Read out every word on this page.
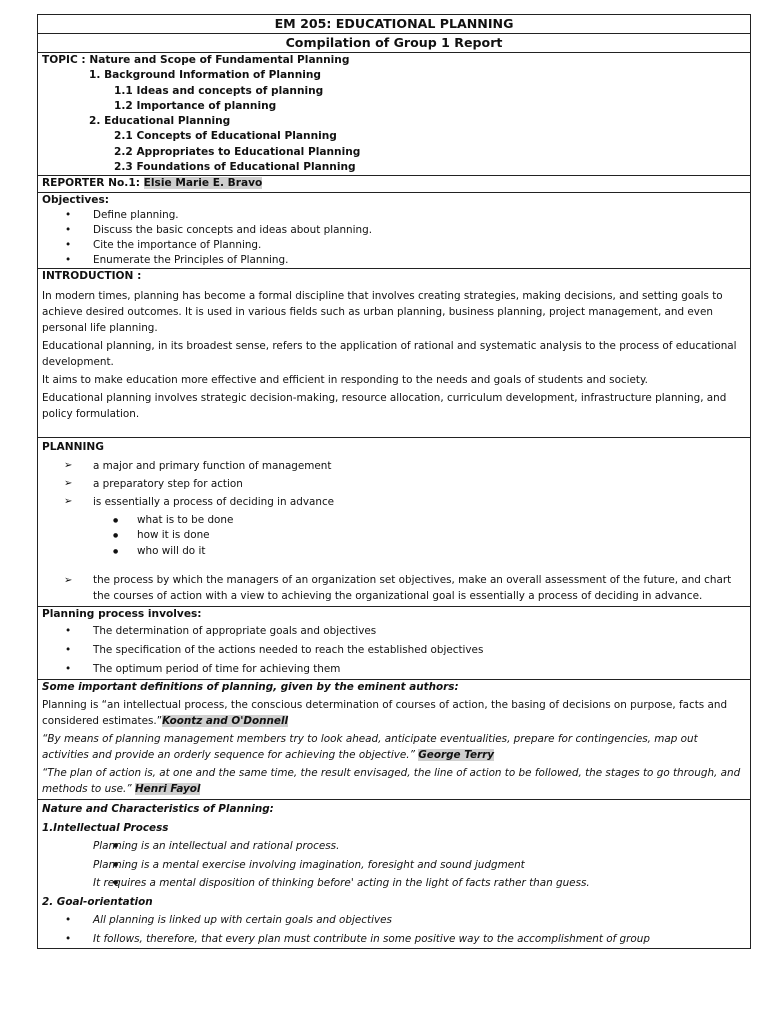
EM 205: EDUCATIONAL PLANNING
Compilation of Group 1 Report

TOPIC : Nature and Scope of Fundamental Planning
1. Background Information of Planning
1.1 Ideas and concepts of planning
1.2 Importance of planning
2. Educational Planning
2.1 Concepts of Educational Planning
2.2 Appropriates to Educational Planning
2.3 Foundations of Educational Planning

REPORTER No.1: Elsie Marie E. Bravo

Objectives:
• Define planning.
• Discuss the basic concepts and ideas about planning.
• Cite the importance of Planning.
• Enumerate the Principles of Planning.

INTRODUCTION :

In modern times, planning has become a formal discipline that involves creating strategies, making decisions, and setting goals to achieve desired outcomes. It is used in various fields such as urban planning, business planning, project management, and even personal life planning.

Educational planning, in its broadest sense, refers to the application of rational and systematic analysis to the process of educational development.

It aims to make education more effective and efficient in responding to the needs and goals of students and society.

Educational planning involves strategic decision-making, resource allocation, curriculum development, infrastructure planning, and policy formulation.

PLANNING
➢ a major and primary function of management
➢ a preparatory step for action
➢ is essentially a process of deciding in advance
● what is to be done
● how it is done
● who will do it
➢ the process by which the managers of an organization set objectives, make an overall assessment of the future, and chart the courses of action with a view to achieving the organizational goal is essentially a process of deciding in advance.

Planning process involves:
• The determination of appropriate goals and objectives
• The specification of the actions needed to reach the established objectives
• The optimum period of time for achieving them

Some important definitions of planning, given by the eminent authors:

Planning is “an intellectual process, the conscious determination of courses of action, the basing of decisions on purpose, facts and considered estimates.”Koontz and O'Donnell

“By means of planning management members try to look ahead, anticipate eventualities, prepare for contingencies, map out activities and provide an orderly sequence for achieving the objective.” George Terry

“The plan of action is, at one and the same time, the result envisaged, the line of action to be followed, the stages to go through, and methods to use.” Henri Fayol

Nature and Characteristics of Planning:
1.Intellectual Process
● Planning is an intellectual and rational process.
● Planning is a mental exercise involving imagination, foresight and sound judgment
● It requires a mental disposition of thinking before' acting in the light of facts rather than guess.
2. Goal-orientation
• All planning is linked up with certain goals and objectives
• It follows, therefore, that every plan must contribute in some positive way to the accomplishment of group
